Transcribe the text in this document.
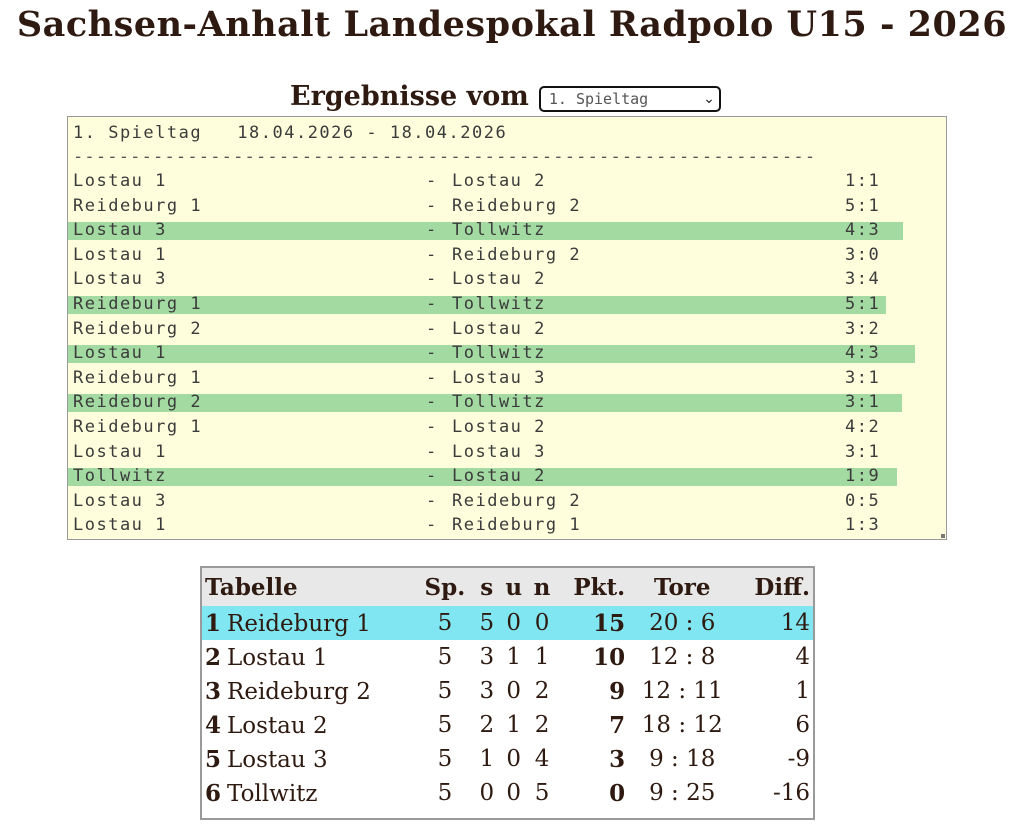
Sachsen-Anhalt Landespokal Radpolo U15 - 2026
Ergebnisse vom 1. Spieltag	⌄
1. Spieltag   18.04.2026 - 18.04.2026
-----------------------------------------------------------------
Lostau 1	- Lostau 2	1:1
Reideburg 1	- Reideburg 2	5:1
Lostau 3	- Tollwitz	4:3
Lostau 1	- Reideburg 2	3:0
Lostau 3	- Lostau 2	3:4
Reideburg 1	- Tollwitz	5:1
Reideburg 2	- Lostau 2	3:2
Lostau 1	- Tollwitz	4:3
Reideburg 1	- Lostau 3	3:1
Reideburg 2	- Tollwitz	3:1
Reideburg 1	- Lostau 2	4:2
Lostau 1	- Lostau 3	3:1
Tollwitz	- Lostau 2	1:9
Lostau 3	- Reideburg 2	0:5
Lostau 1	- Reideburg 1	1:3
Tabelle	Sp.	s	u	n	Pkt.	Tore	Diff.
1 Reideburg 1	5	5	0	0	15	20 : 6	14
2 Lostau 1	5	3	1	1	10	12 : 8	4
3 Reideburg 2	5	3	0	2	9	12 : 11	1
4 Lostau 2	5	2	1	2	7	18 : 12	6
5 Lostau 3	5	1	0	4	3	9 : 18	-9
6 Tollwitz	5	0	0	5	0	9 : 25	-16
